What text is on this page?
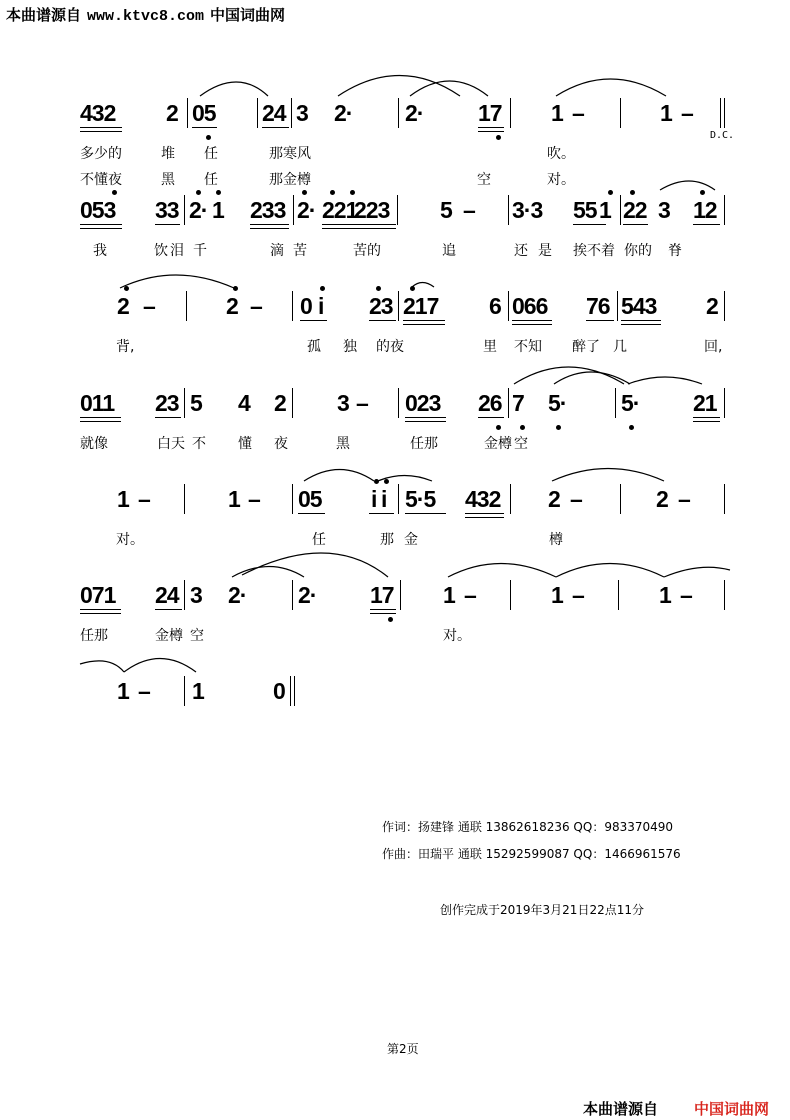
本曲谱源自 www.ktvc8.com 中国词曲网
432 2 05 24 3 2· 2· 17 1 –	1 –
多少的	堆 任	那寒风	吹。
不懂夜	黑 任	那金樽	空	对。
D.C.
053 33 2· 1 233 2· 221
223 5 – 3·3 55 1 22 3 12
我	饮 泪 千	滴 苦	苦的	追	还 是 挨不着 你的 脊
2 –	2 – 0 i 23 217 6 066 76 543 2
背,	孤 独 的夜	里 不知 醉了 几	回,
011 23 5 4 2 3 – 023 26 7 5· 5· 21
就像	白天 不 懂 夜	黑	任那	金樽 空
1 –	1 – 05 i i 5·5 432 2 –	2 –
对。	任	那 金	樽
071 24 3 2· 2· 17 1 –	1 –	1 –
任那	金樽 空	对。
1 – 1	0
作词：扬建锋 通联 13862618236 QQ：983370490
作曲：田瑞平 通联 15292599087 QQ：1466961576
创作完成于2019年3月21日22点11分
第2页
本曲谱源自 中国词曲网
